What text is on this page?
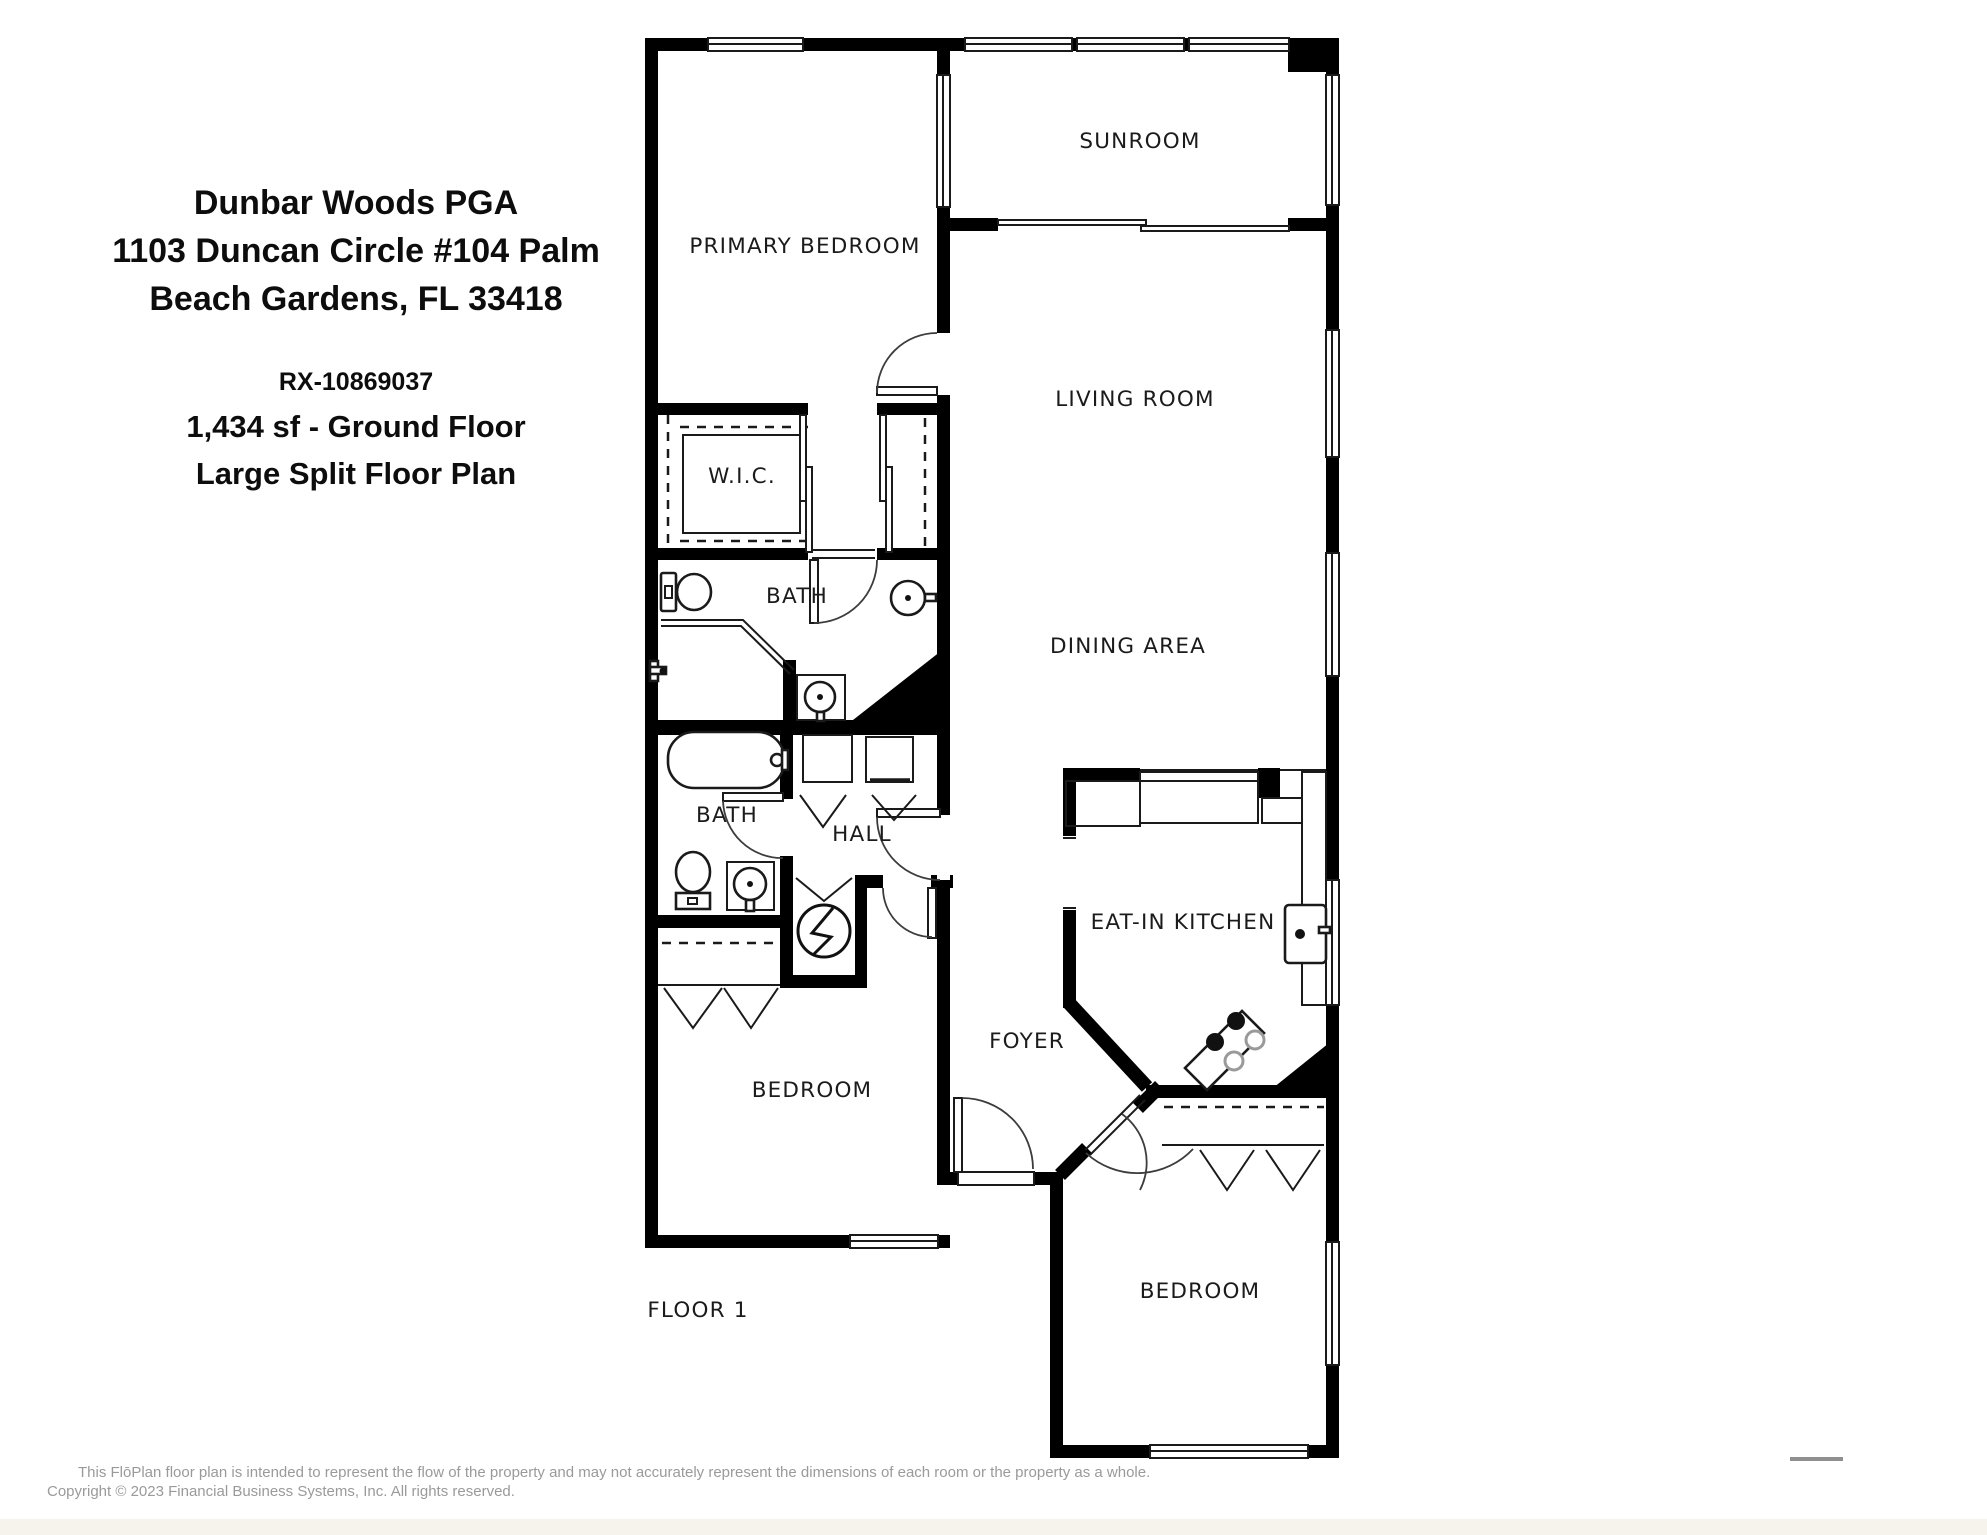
PRIMARY BEDROOM
SUNROOM
LIVING ROOM
DINING AREA
W.I.C.
BATH
BATH
HALL
EAT-IN KITCHEN
FOYER
BEDROOM
BEDROOM
FLOOR 1
Dunbar Woods PGA
1103 Duncan Circle #104 Palm
Beach Gardens, FL 33418
RX-10869037
1,434 sf - Ground Floor
Large Split Floor Plan
This FlōPlan floor plan is intended to represent the flow of the property and may not accurately represent the dimensions of each room or the property as a whole.
Copyright © 2023 Financial Business Systems, Inc. All rights reserved.
